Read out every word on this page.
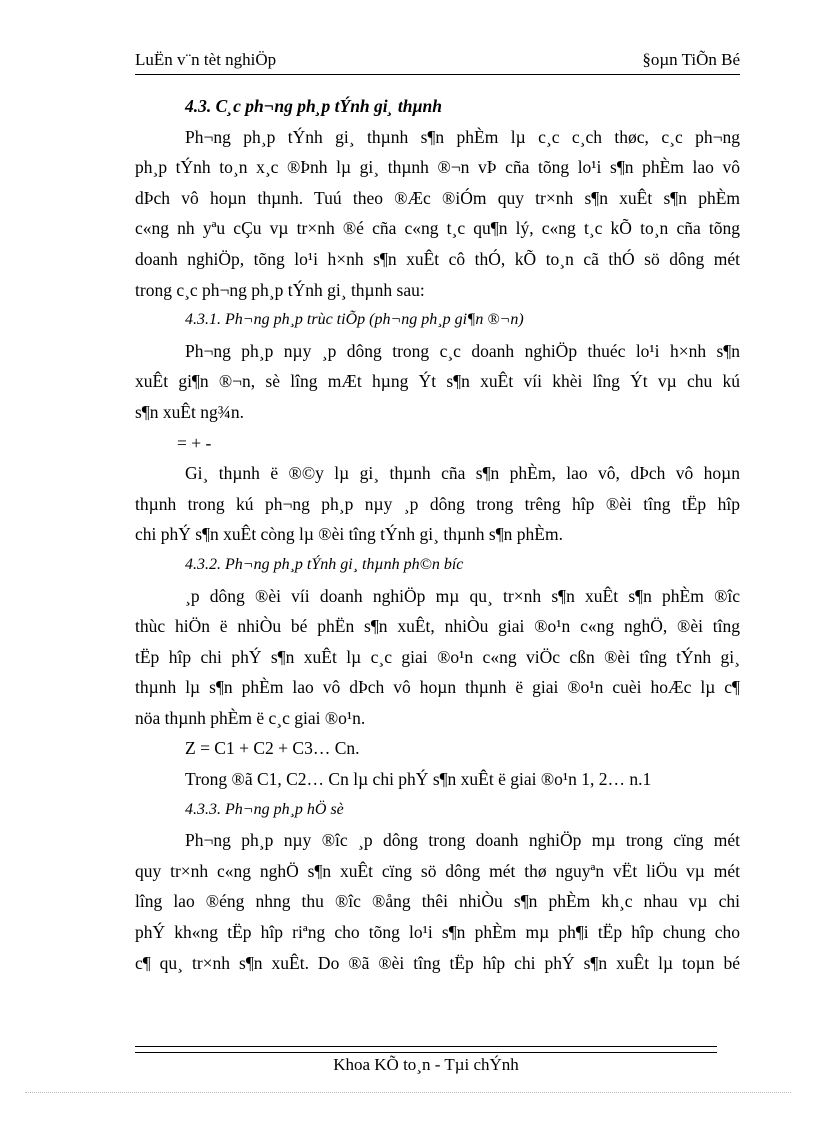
LuËn v¨n tèt nghiÖp	§oµn TiÕn Bé
4.3. C¸c ph¬ng ph¸p tÝnh gi¸ thµnh
Ph¬ng ph¸p tÝnh gi¸ thµnh s¶n phÈm lµ c¸c c¸ch thøc, c¸c ph¬ng
ph¸p tÝnh to¸n x¸c ®Þnh lµ gi¸ thµnh ®¬n vÞ cña tõng lo¹i s¶n phÈm lao vô
dÞch vô hoµn thµnh. Tuú theo ®Æc ®iÓm quy tr×nh s¶n xuÊt s¶n phÈm
c«ng nh yªu cÇu vµ tr×nh ®é cña c«ng t¸c qu¶n lý, c«ng t¸c kÕ to¸n cña tõng
doanh nghiÖp, tõng lo¹i h×nh s¶n xuÊt cô thÓ, kÕ to¸n cã thÓ sö dông mét
trong c¸c ph¬ng ph¸p tÝnh gi¸ thµnh sau:
4.3.1. Ph¬ng ph¸p trùc tiÕp (ph¬ng ph¸p gi¶n ®¬n)
Ph¬ng ph¸p nµy ¸p dông trong c¸c doanh nghiÖp thuéc lo¹i h×nh s¶n
xuÊt gi¶n ®¬n, sè lîng mÆt hµng Ýt s¶n xuÊt víi khèi lîng Ýt vµ chu kú
s¶n xuÊt ng¾n.
= + -
Gi¸ thµnh ë ®©y lµ gi¸ thµnh cña s¶n phÈm, lao vô, dÞch vô hoµn
thµnh trong kú ph¬ng ph¸p nµy ¸p dông trong trêng hîp ®èi tîng tËp hîp
chi phÝ s¶n xuÊt còng lµ ®èi tîng tÝnh gi¸ thµnh s¶n phÈm.
4.3.2. Ph¬ng ph¸p tÝnh gi¸ thµnh ph©n bíc
¸p dông ®èi víi doanh nghiÖp mµ qu¸ tr×nh s¶n xuÊt s¶n phÈm ®îc
thùc hiÖn ë nhiÒu bé phËn s¶n xuÊt, nhiÒu giai ®o¹n c«ng nghÖ, ®èi tîng
tËp hîp chi phÝ s¶n xuÊt lµ c¸c giai ®o¹n c«ng viÖc cßn ®èi tîng tÝnh gi¸
thµnh lµ s¶n phÈm lao vô dÞch vô hoµn thµnh ë giai ®o¹n cuèi hoÆc lµ c¶
nöa thµnh phÈm ë c¸c giai ®o¹n.
Z = C1 + C2 + C3… Cn.
Trong ®ã C1, C2… Cn lµ chi phÝ s¶n xuÊt ë giai ®o¹n 1, 2… n.1
4.3.3. Ph¬ng ph¸p hÖ sè
Ph¬ng ph¸p nµy ®îc ¸p dông trong doanh nghiÖp mµ trong cïng mét
quy tr×nh c«ng nghÖ s¶n xuÊt cïng sö dông mét thø nguyªn vËt liÖu vµ mét
lîng lao ®éng nhng thu ®îc ®ång thêi nhiÒu s¶n phÈm kh¸c nhau vµ chi
phÝ kh«ng tËp hîp riªng cho tõng lo¹i s¶n phÈm mµ ph¶i tËp hîp chung cho
c¶ qu¸ tr×nh s¶n xuÊt. Do ®ã ®èi tîng tËp hîp chi phÝ s¶n xuÊt lµ toµn bé
Khoa KÕ to¸n - Tµi chÝnh
